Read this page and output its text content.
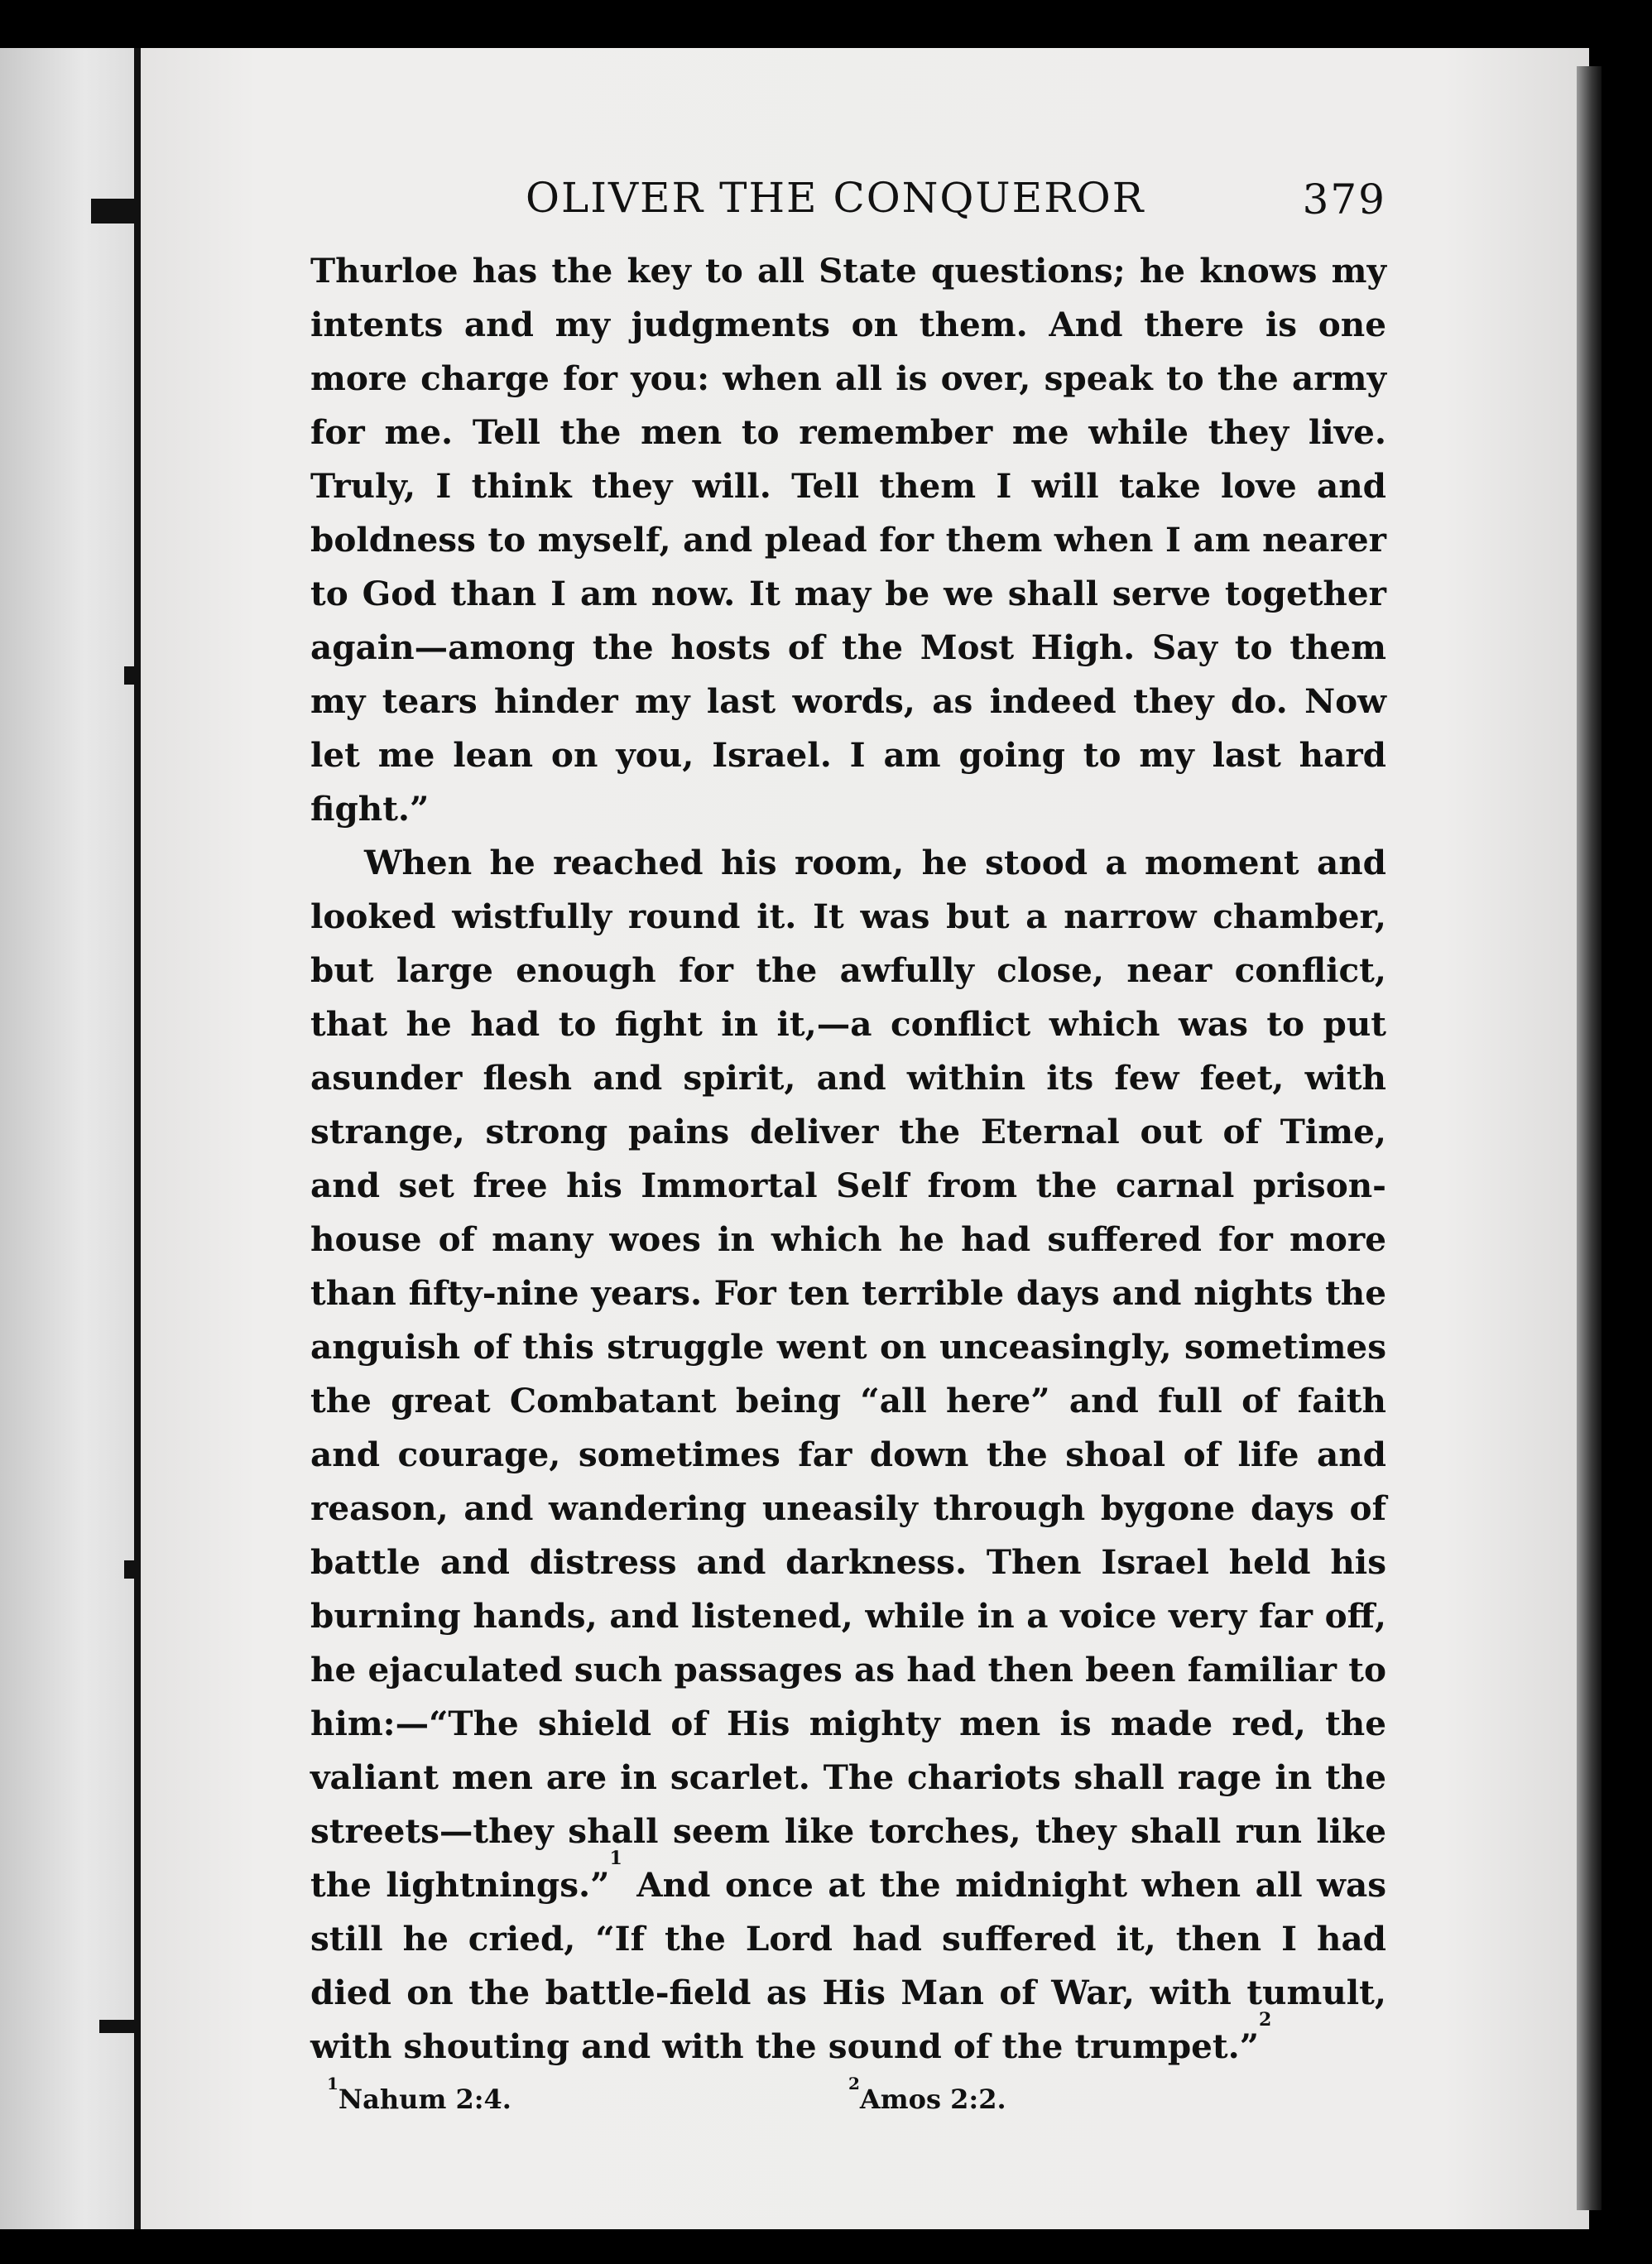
OLIVER THE CONQUEROR	379

Thurloe has the key to all State questions; he knows my intents and my judgments on them. And there is one more charge for you: when all is over, speak to the army for me. Tell the men to remember me while they live. Truly, I think they will. Tell them I will take love and boldness to myself, and plead for them when I am nearer to God than I am now. It may be we shall serve together again—among the hosts of the Most High. Say to them my tears hinder my last words, as indeed they do. Now let me lean on you, Israel. I am going to my last hard fight.”

When he reached his room, he stood a moment and looked wistfully round it. It was but a narrow chamber, but large enough for the awfully close, near conflict, that he had to fight in it,—a conflict which was to put asunder flesh and spirit, and within its few feet, with strange, strong pains deliver the Eternal out of Time, and set free his Immortal Self from the carnal prison-house of many woes in which he had suffered for more than fifty-nine years. For ten terrible days and nights the anguish of this struggle went on unceasingly, sometimes the great Combatant being “all here” and full of faith and courage, sometimes far down the shoal of life and reason, and wandering uneasily through bygone days of battle and distress and darkness. Then Israel held his burning hands, and listened, while in a voice very far off, he ejaculated such passages as had then been familiar to him:—“The shield of His mighty men is made red, the valiant men are in scarlet. The chariots shall rage in the streets—they shall seem like torches, they shall run like the lightnings.”$^1$ And once at the midnight when all was still he cried, “If the Lord had suffered it, then I had died on the battle-field as His Man of War, with tumult, with shouting and with the sound of the trumpet.”$^2$

$^1$Nahum 2:4.	$^2$Amos 2:2.
